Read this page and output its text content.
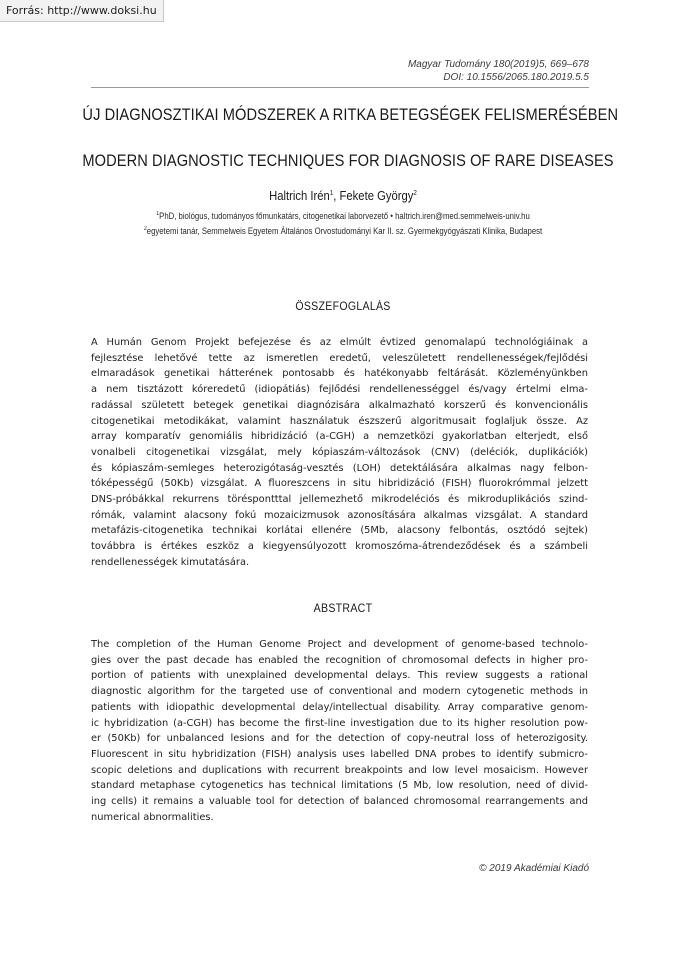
Forrás: http://www.doksi.hu
Magyar Tudomány 180(2019)5, 669–678
DOI: 10.1556/2065.180.2019.5.5
ÚJ DIAGNOSZTIKAI MÓDSZEREK A RITKA BETEGSÉGEK FELISMERÉSÉBEN
MODERN DIAGNOSTIC TECHNIQUES FOR DIAGNOSIS OF RARE DISEASES
Haltrich Irén$^1$, Fekete György$^2$
$^1$PhD, biológus, tudományos főmunkatárs, citogenetikai laborvezető • haltrich.iren@med.semmelweis-univ.hu
$^2$egyetemi tanár, Semmelweis Egyetem Általános Orvostudományi Kar II. sz. Gyermekgyógyászati Klinika, Budapest
ÖSSZEFOGLALÁS
A Humán Genom Projekt befejezése és az elmúlt évtized genomalapú technológiáinak a
fejlesztése lehetővé tette az ismeretlen eredetű, veleszületett rendellenességek/fejlődési
elmaradások genetikai hátterének pontosabb és hatékonyabb feltárását. Közleményünkben
a nem tisztázott kóreredetű (idiopátiás) fejlődési rendellenességgel és/vagy értelmi elma-
radással született betegek genetikai diagnózisára alkalmazható korszerű és konvencionális
citogenetikai metodikákat, valamint használatuk észszerű algoritmusait foglaljuk össze. Az
array komparatív genomiális hibridizáció (a-CGH) a nemzetközi gyakorlatban elterjedt, első
vonalbeli citogenetikai vizsgálat, mely kópiaszám-változások (CNV) (deléciók, duplikációk)
és kópiaszám-semleges heterozigótaság-vesztés (LOH) detektálására alkalmas nagy felbon-
tóképességű (50Kb) vizsgálat. A fluoreszcens in situ hibridizáció (FISH) fluorokrómmal jelzett
DNS-próbákkal rekurrens töréspontttal jellemezhető mikrodeléciós és mikroduplikációs szind-
rómák, valamint alacsony fokú mozaicizmusok azonosítására alkalmas vizsgálat. A standard
metafázis-citogenetika technikai korlátai ellenére (5Mb, alacsony felbontás, osztódó sejtek)
továbbra is értékes eszköz a kiegyensúlyozott kromoszóma-átrendeződések és a számbeli
rendellenességek kimutatására.
ABSTRACT
The completion of the Human Genome Project and development of genome-based technolo-
gies over the past decade has enabled the recognition of chromosomal defects in higher pro-
portion of patients with unexplained developmental delays. This review suggests a rational
diagnostic algorithm for the targeted use of conventional and modern cytogenetic methods in
patients with idiopathic developmental delay/intellectual disability. Array comparative genom-
ic hybridization (a-CGH) has become the first-line investigation due to its higher resolution pow-
er (50Kb) for unbalanced lesions and for the detection of copy-neutral loss of heterozigosity.
Fluorescent in situ hybridization (FISH) analysis uses labelled DNA probes to identify submicro-
scopic deletions and duplications with recurrent breakpoints and low level mosaicism. However
standard metaphase cytogenetics has technical limitations (5 Mb, low resolution, need of divid-
ing cells) it remains a valuable tool for detection of balanced chromosomal rearrangements and
numerical abnormalities.
© 2019 Akadémiai Kiadó
